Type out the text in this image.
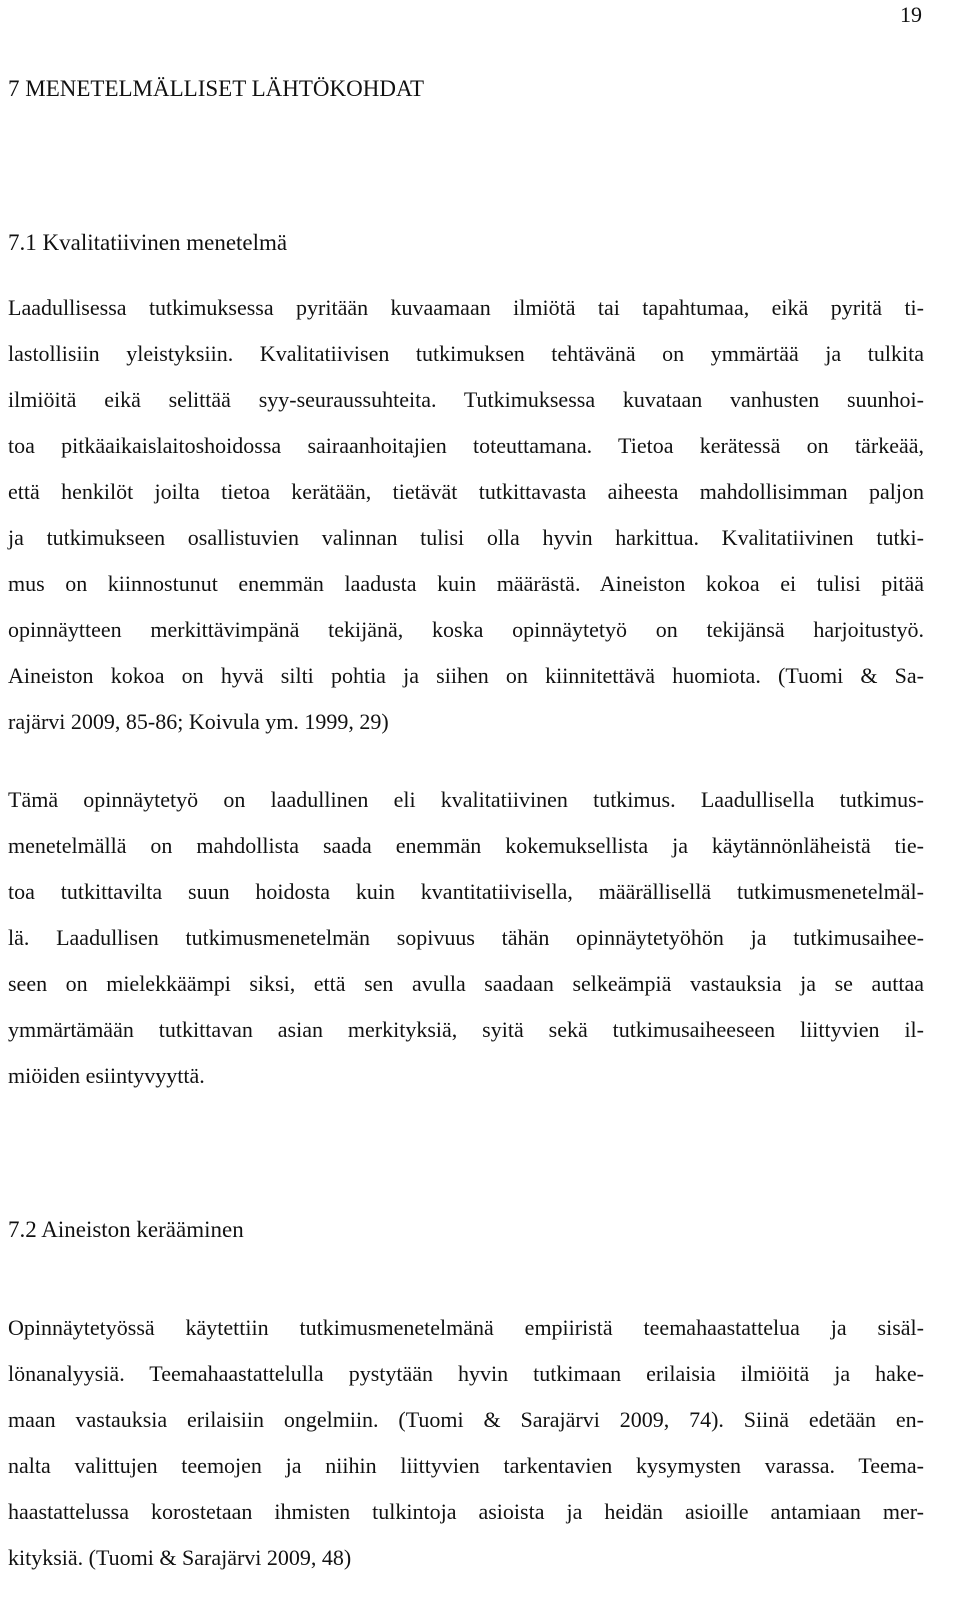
19
7 MENETELMÄLLISET LÄHTÖKOHDAT
7.1 Kvalitatiivinen menetelmä

Laadullisessa tutkimuksessa pyritään kuvaamaan ilmiötä tai tapahtumaa, eikä pyritä ti-
lastollisiin yleistyksiin. Kvalitatiivisen tutkimuksen tehtävänä on ymmärtää ja tulkita
ilmiöitä eikä selittää syy-seuraussuhteita. Tutkimuksessa kuvataan vanhusten suunhoi-
toa pitkäaikaislaitoshoidossa sairaanhoitajien toteuttamana. Tietoa kerätessä on tärkeää,
että henkilöt joilta tietoa kerätään, tietävät tutkittavasta aiheesta mahdollisimman paljon
ja tutkimukseen osallistuvien valinnan tulisi olla hyvin harkittua. Kvalitatiivinen tutki-
mus on kiinnostunut enemmän laadusta kuin määrästä. Aineiston kokoa ei tulisi pitää
opinnäytteen merkittävimpänä tekijänä, koska opinnäytetyö on tekijänsä harjoitustyö.
Aineiston kokoa on hyvä silti pohtia ja siihen on kiinnitettävä huomiota. (Tuomi & Sa-
rajärvi 2009, 85-86; Koivula ym. 1999, 29)

Tämä opinnäytetyö on laadullinen eli kvalitatiivinen tutkimus. Laadullisella tutkimus-
menetelmällä on mahdollista saada enemmän kokemuksellista ja käytännönläheistä tie-
toa tutkittavilta suun hoidosta kuin kvantitatiivisella, määrällisellä tutkimusmenetelmäl-
lä. Laadullisen tutkimusmenetelmän sopivuus tähän opinnäytetyöhön ja tutkimusaihee-
seen on mielekkäämpi siksi, että sen avulla saadaan selkeämpiä vastauksia ja se auttaa
ymmärtämään tutkittavan asian merkityksiä, syitä sekä tutkimusaiheeseen liittyvien il-
miöiden esiintyvyyttä.

7.2 Aineiston kerääminen

Opinnäytetyössä käytettiin tutkimusmenetelmänä empiiristä teemahaastattelua ja sisäl-
lönanalyysiä. Teemahaastattelulla pystytään hyvin tutkimaan erilaisia ilmiöitä ja hake-
maan vastauksia erilaisiin ongelmiin. (Tuomi & Sarajärvi 2009, 74). Siinä edetään en-
nalta valittujen teemojen ja niihin liittyvien tarkentavien kysymysten varassa. Teema-
haastattelussa korostetaan ihmisten tulkintoja asioista ja heidän asioille antamiaan mer-
kityksiä. (Tuomi & Sarajärvi 2009, 48)
